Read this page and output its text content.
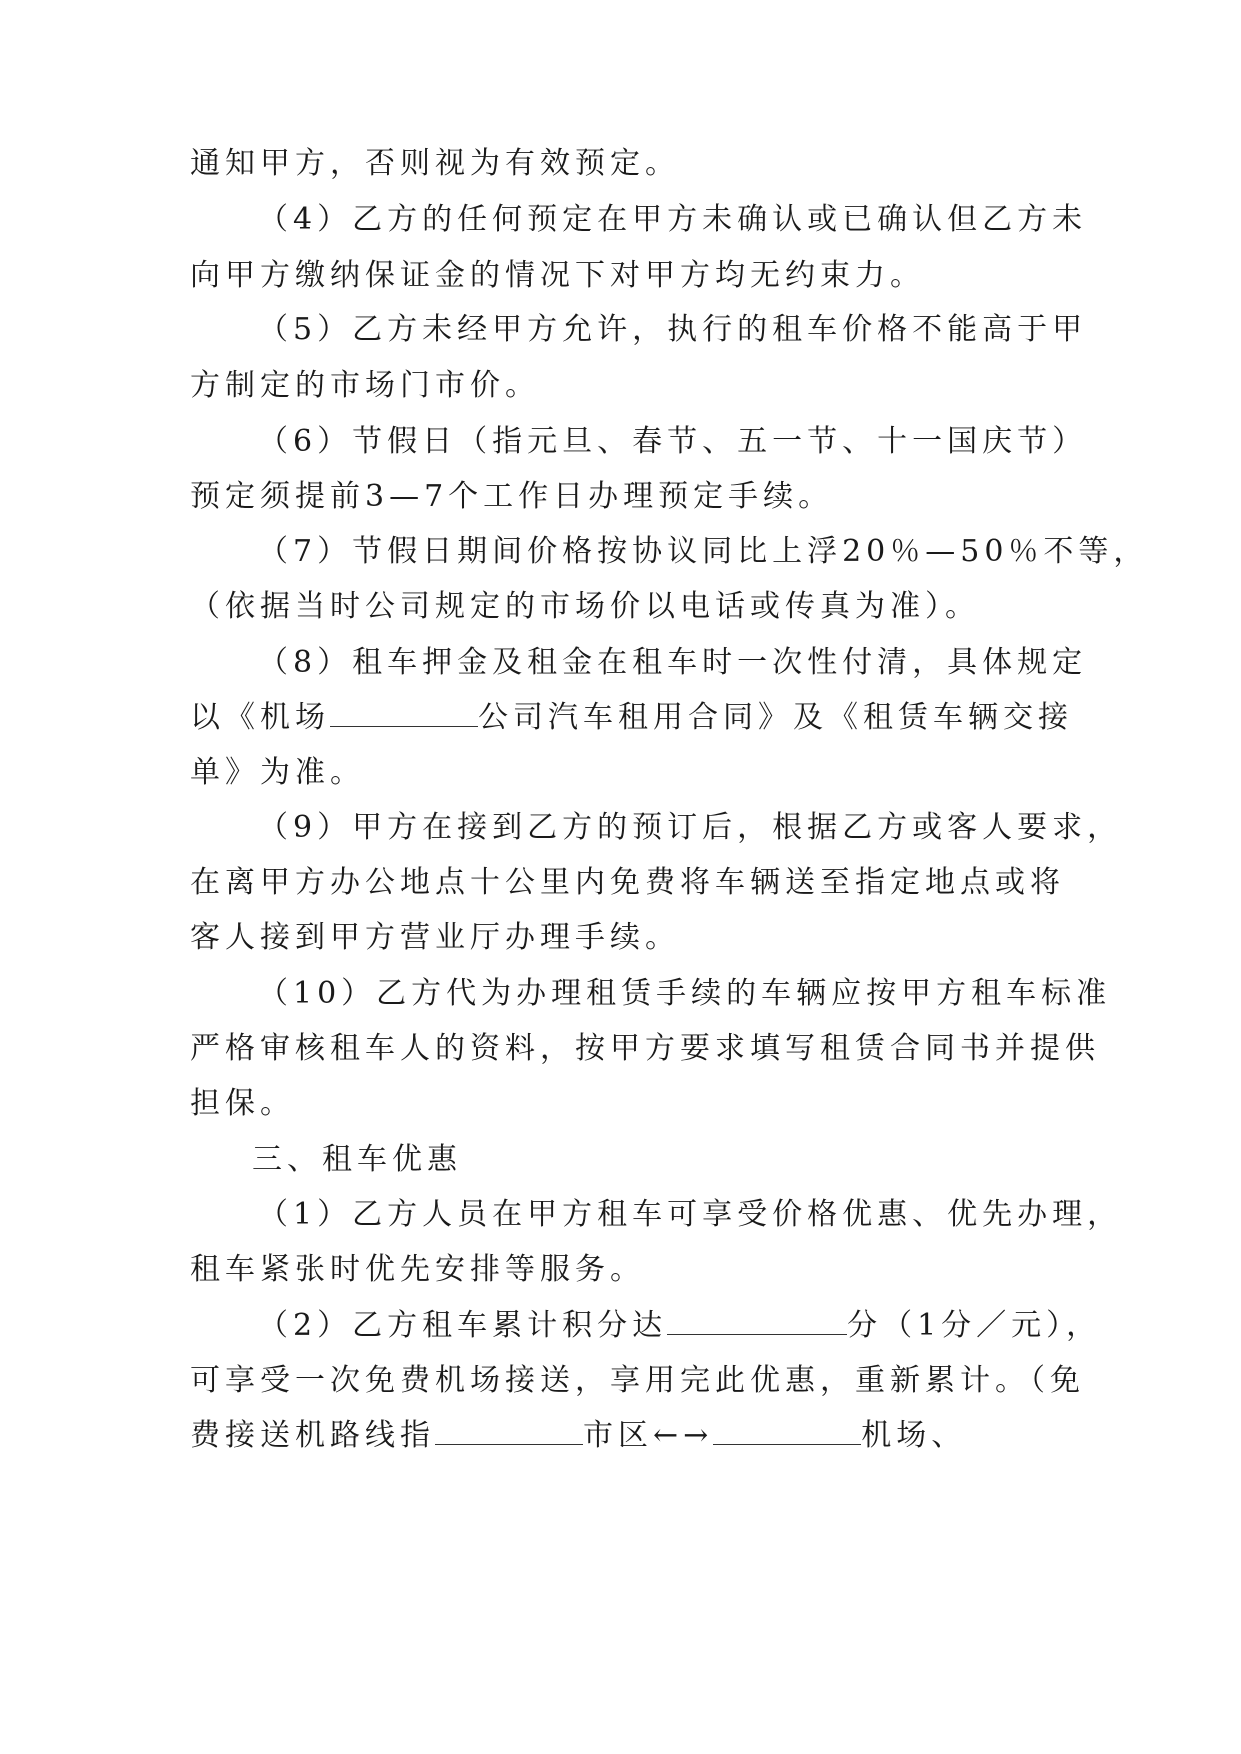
通知甲方，否则视为有效预定。

（4）乙方的任何预定在甲方未确认或已确认但乙方未

向甲方缴纳保证金的情况下对甲方均无约束力。

（5）乙方未经甲方允许，执行的租车价格不能高于甲

方制定的市场门市价。

（6）节假日（指元旦、春节、五一节、十一国庆节）

预定须提前3—7个工作日办理预定手续。

（7）节假日期间价格按协议同比上浮20％—50％不等，

（依据当时公司规定的市场价以电话或传真为准）。

（8）租车押金及租金在租车时一次性付清，具体规定

以《机场	公司汽车租用合同》及《租赁车辆交接

单》为准。

（9）甲方在接到乙方的预订后，根据乙方或客人要求，

在离甲方办公地点十公里内免费将车辆送至指定地点或将

客人接到甲方营业厅办理手续。

（10）乙方代为办理租赁手续的车辆应按甲方租车标准

严格审核租车人的资料，按甲方要求填写租赁合同书并提供

担保。

三、租车优惠

（1）乙方人员在甲方租车可享受价格优惠、优先办理，

租车紧张时优先安排等服务。

（2）乙方租车累计积分达	分（1分／元），

可享受一次免费机场接送，享用完此优惠，重新累计。（免

费接送机路线指	市区←→	机场、
